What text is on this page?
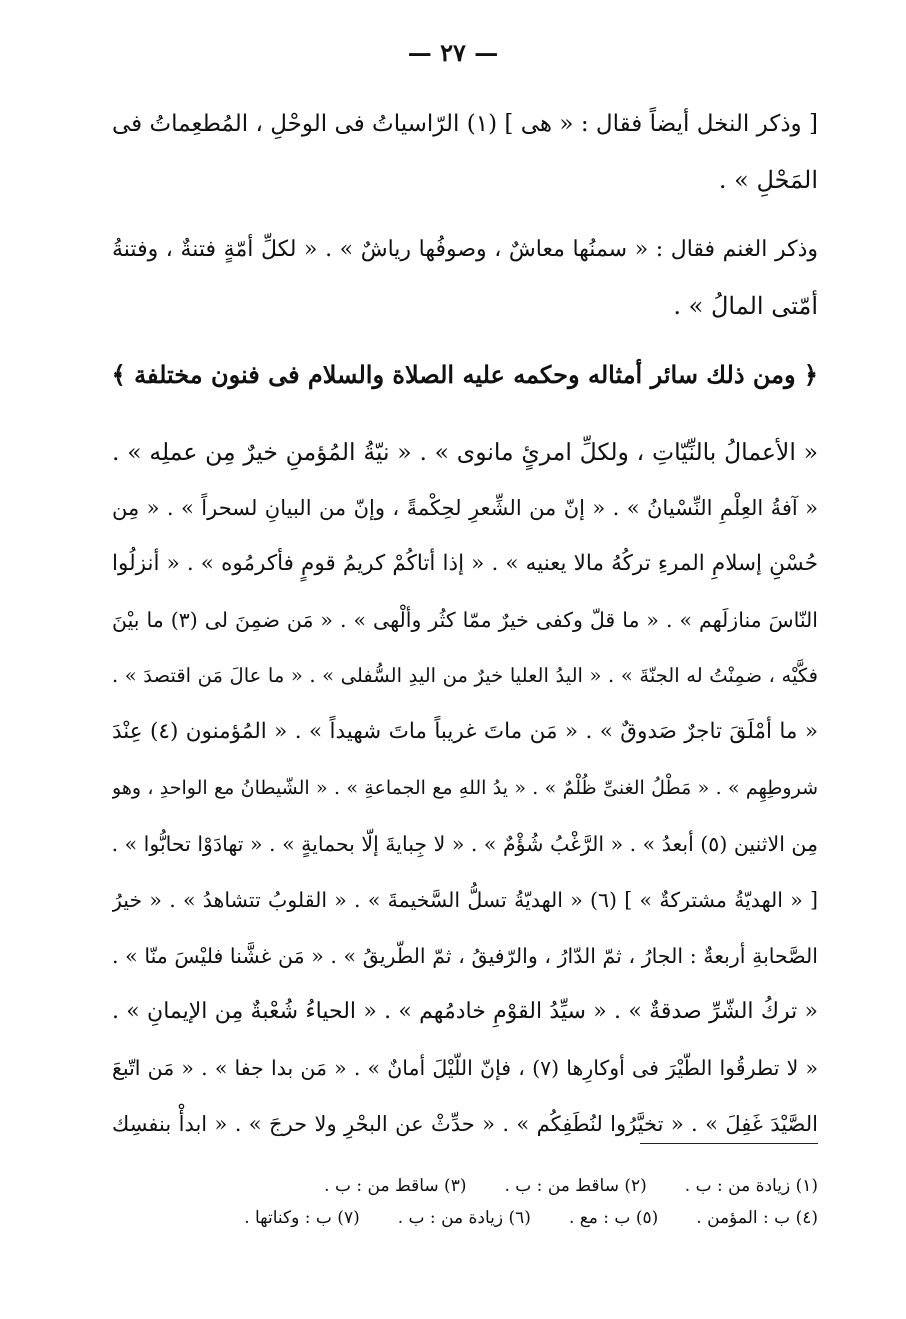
— ٢٧ —
[ وذكر النخل أيضاً فقال : « هى ] (١) الرّاسياتُ فى الوحْلِ ، المُطعِماتُ فى
المَحْلِ » .
وذكر الغنم فقال : « سمنُها معاشٌ ، وصوفُها رياشٌ » . « لكلِّ أمّةٍ فتنةٌ ، وفتنةُ
أمّتى المالُ » .
﴿ ومن ذلك سائر أمثاله وحكمه عليه الصلاة والسلام فى فنون مختلفة ﴾
« الأعمالُ بالنِّيّاتِ ، ولكلِّ امرئٍ مانوى » . « نيّةُ المُؤمنِ خيرٌ مِن عملِه » .
« آفةُ العِلْمِ النِّسْيانُ » . « إنّ من الشِّعرِ لحِكْمةً ، وإنّ من البيانِ لسحراً » . « مِن
حُسْنِ إسلامِ المرءِ تركُهُ مالا يعنيه » . « إذا أتاكُمْ كريمُ قومٍ فأكرمُوه » . « أنزلُوا
النّاسَ منازلَهم » . « ما قلّ وكفى خيرٌ ممّا كثُر وألْهى » . « مَن ضمِنَ لى (٣) ما بيْنَ
فكَّيْه ، ضمِنْتُ له الجنّةَ » . « اليدُ العليا خيرٌ من اليدِ السُّفلى » . « ما عالَ مَن اقتصدَ » .
« ما أمْلَقَ تاجرٌ صَدوقٌ » . « مَن ماتَ غريباً ماتَ شهيداً » . « المُؤمنون (٤) عِنْدَ
شروطِهِم » . « مَطْلُ الغنىِّ ظُلْمٌ » . « يدُ اللهِ مع الجماعةِ » . « الشّيطانُ مع الواحدِ ، وهو
مِن الاثنين (٥) أبعدُ » . « الرَّغْبُ شُؤْمٌ » . « لا جِبايةَ إلّا بحمايةٍ » . « تهادَوْا تحابُّوا » .
[ « الهديّةُ مشتركةٌ » ] (٦) « الهديّةُ تسلُّ السَّخيمةَ » . « القلوبُ تتشاهدُ » . « خيرُ
الصَّحابةِ أربعةٌ : الجارُ ، ثمّ الدّارُ ، والرّفيقُ ، ثمّ الطّريقُ » . « مَن غشَّنا فليْسَ منّا » .
« تركُ الشّرِّ صدقةٌ » . « سيِّدُ القوْمِ خادمُهم » . « الحياءُ شُعْبةٌ مِن الإيمانِ » .
« لا تطرقُوا الطّيْرَ فى أوكارِها (٧) ، فإنّ اللّيْلَ أمانٌ » . « مَن بدا جفا » . « مَن اتّبعَ
الصَّيْدَ غَفِلَ » . « تخيَّرُوا لنُطَفِكُم » . « حدِّثْ عن البحْرِ ولا حرجَ » . « ابدأْ بنفسِك
(١) زيادة من : ب .
(٢) ساقط من : ب .
(٣) ساقط من : ب .
(٤) ب : المؤمن .
(٥) ب : مع .
(٦) زيادة من : ب .
(٧) ب : وكناتها .
